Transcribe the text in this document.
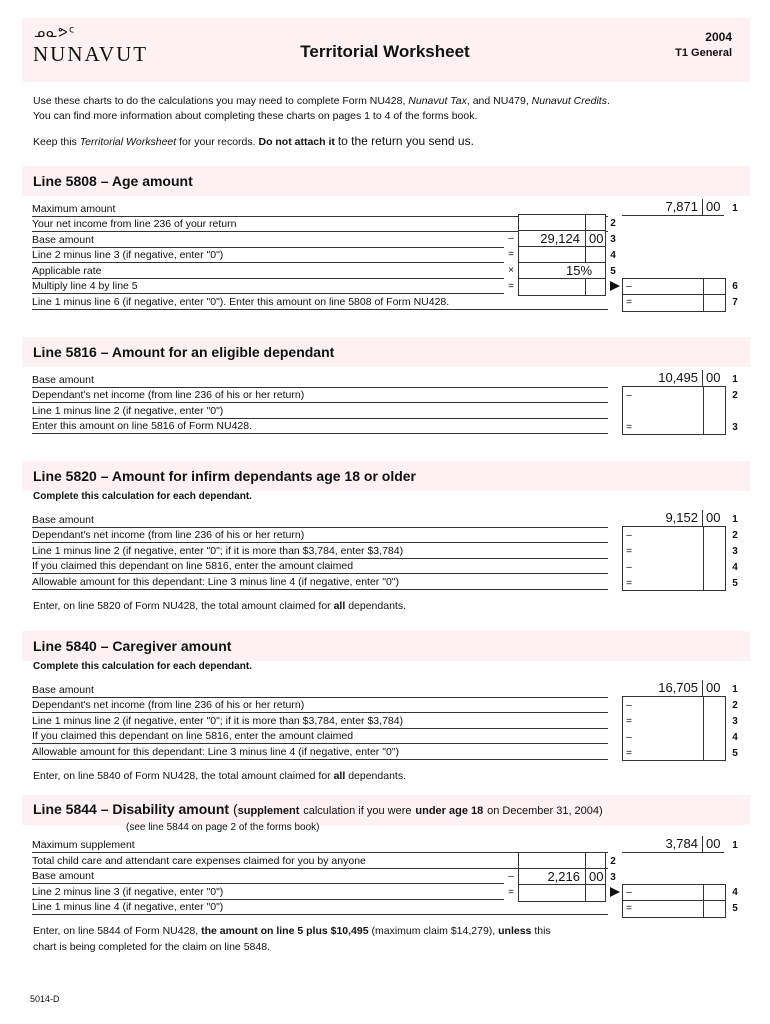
ᓄᓇᕗᑦ
NUNAVUT	Territorial Worksheet
2004
T1 General
Use these charts to do the calculations you may need to complete Form NU428, Nunavut Tax, and NU479, Nunavut Credits.
You can find more information about completing these charts on pages 1 to 4 of the forms book.
Keep this Territorial Worksheet for your records. Do not attach it to the return you send us.
Line 5808 – Age amount
Maximum amount
Your net income from line 236 of your return
Base amount
Line 2 minus line 3 (if negative, enter "0")
Applicable rate
Multiply line 4 by line 5
Line 1 minus line 6 (if negative, enter "0"). Enter this amount on line 5808 of Form NU428.
7,871 00
29,124 00
15%
–
=
×
=
2
3
4
5
–
=
1
6
7
Line 5816 – Amount for an eligible dependant
Base amount
Dependant's net income (from line 236 of his or her return)
Line 1 minus line 2 (if negative, enter "0")
Enter this amount on line 5816 of Form NU428.
10,495 00
–
=
1
2
3
Line 5820 – Amount for infirm dependants age 18 or older
Complete this calculation for each dependant.
Base amount
Dependant's net income (from line 236 of his or her return)
Line 1 minus line 2 (if negative, enter "0"; if it is more than $3,784, enter $3,784)
If you claimed this dependant on line 5816, enter the amount claimed
Allowable amount for this dependant: Line 3 minus line 4 (if negative, enter "0")
9,152 00
–
=
–
=
1
2
3
4
5
Enter, on line 5820 of Form NU428, the total amount claimed for all dependants.
Line 5840 – Caregiver amount
Complete this calculation for each dependant.
Base amount
Dependant's net income (from line 236 of his or her return)
Line 1 minus line 2 (if negative, enter "0"; if it is more than $3,784, enter $3,784)
If you claimed this dependant on line 5816, enter the amount claimed
Allowable amount for this dependant: Line 3 minus line 4 (if negative, enter "0")
16,705 00
–
=
–
=
1
2
3
4
5
Enter, on line 5840 of Form NU428, the total amount claimed for all dependants.
Line 5844 – Disability amount (supplement calculation if you were under age 18 on December 31, 2004)
(see line 5844 on page 2 of the forms book)
Maximum supplement
Total child care and attendant care expenses claimed for you by anyone
Base amount
Line 2 minus line 3 (if negative, enter "0")
Line 1 minus line 4 (if negative, enter "0")
3,784 00
2,216 00
–
=
2
3
–
=
1
4
5
Enter, on line 5844 of Form NU428, the amount on line 5 plus $10,495 (maximum claim $14,279), unless this
chart is being completed for the claim on line 5848.
5014-D
